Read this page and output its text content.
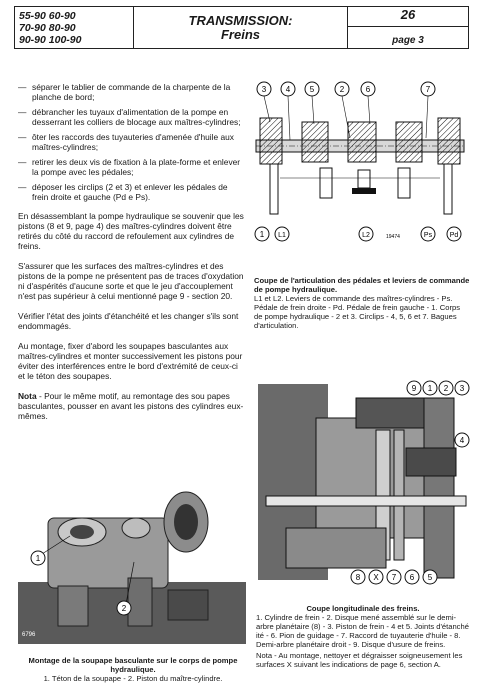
55-90 60-90
70-90 80-90
90-90 100-90

TRANSMISSION:
Freins

26
page 3
— séparer le tablier de commande de la charpente de la planche de bord;
— débrancher les tuyaux d'alimentation de la pompe en desserrant les colliers de blocage aux maîtres-cylindres;
— ôter les raccords des tuyauteries d'amenée d'huile aux maîtres-cylindres;
— retirer les deux vis de fixation à la plate-forme et enlever la pompe avec les pédales;
— déposer les circlips (2 et 3) et enlever les pédales de frein droite et gauche (Pd e Ps).

En désassemblant la pompe hydraulique se souvenir que les pistons (8 et 9, page 4) des maîtres-cylindres doivent être retirés du côté du raccord de refoulement aux cylindres de freins.

S'assurer que les surfaces des maîtres-cylindres et des pistons de la pompe ne présentent pas de traces d'oxydation ni d'aspérités d'aucune sorte et que le jeu d'accouplement n'est pas supérieur à celui mentionné page 9 - section 20.

Vérifier l'état des joints d'étanchéité et les changer s'ils sont endommagés.

Au montage, fixer d'abord les soupapes basculantes aux maîtres-cylindres et monter successivement les pistons pour éviter des interférences entre le bord d'extrémité de ceux-ci et le téton des soupapes.

Nota - Pour le même motif, au remontage des sou papes basculantes, pousser en avant les pistons des cylindres eux-mêmes.

3 4 5	2	6	7
1 L1	L2	Ps	Pd
19474
Coupe de l'articulation des pédales et leviers de commande de pompe hydraulique.
L1 et L2. Leviers de commande des maîtres-cylindres - Ps. Pédale de frein droite - Pd. Pédale de frein gauche - 1. Corps de pompe hydraulique - 2 et 3. Circlips - 4, 5, 6 et 7. Bagues d'articulation.
9 1 2 3
4
8 X 7 6 5
18867
Coupe longitudinale des freins.
1. Cylindre de frein - 2. Disque mené assemblé sur le demi-arbre planétaire (8) - 3. Piston de frein - 4 et 5. Joints d'étanché ité - 6. Pion de guidage - 7. Raccord de tuyauterie d'huile - 8. Demi-arbre planétaire droit - 9. Disque d'usure de freins.
Nota - Au montage, nettoyer et dégraisser soigneusement les surfaces X suivant les indications de page 6, section A.
1
2
6796
Montage de la soupape basculante sur le corps de pompe hydraulique.
1. Téton de la soupape - 2. Piston du maître-cylindre.
